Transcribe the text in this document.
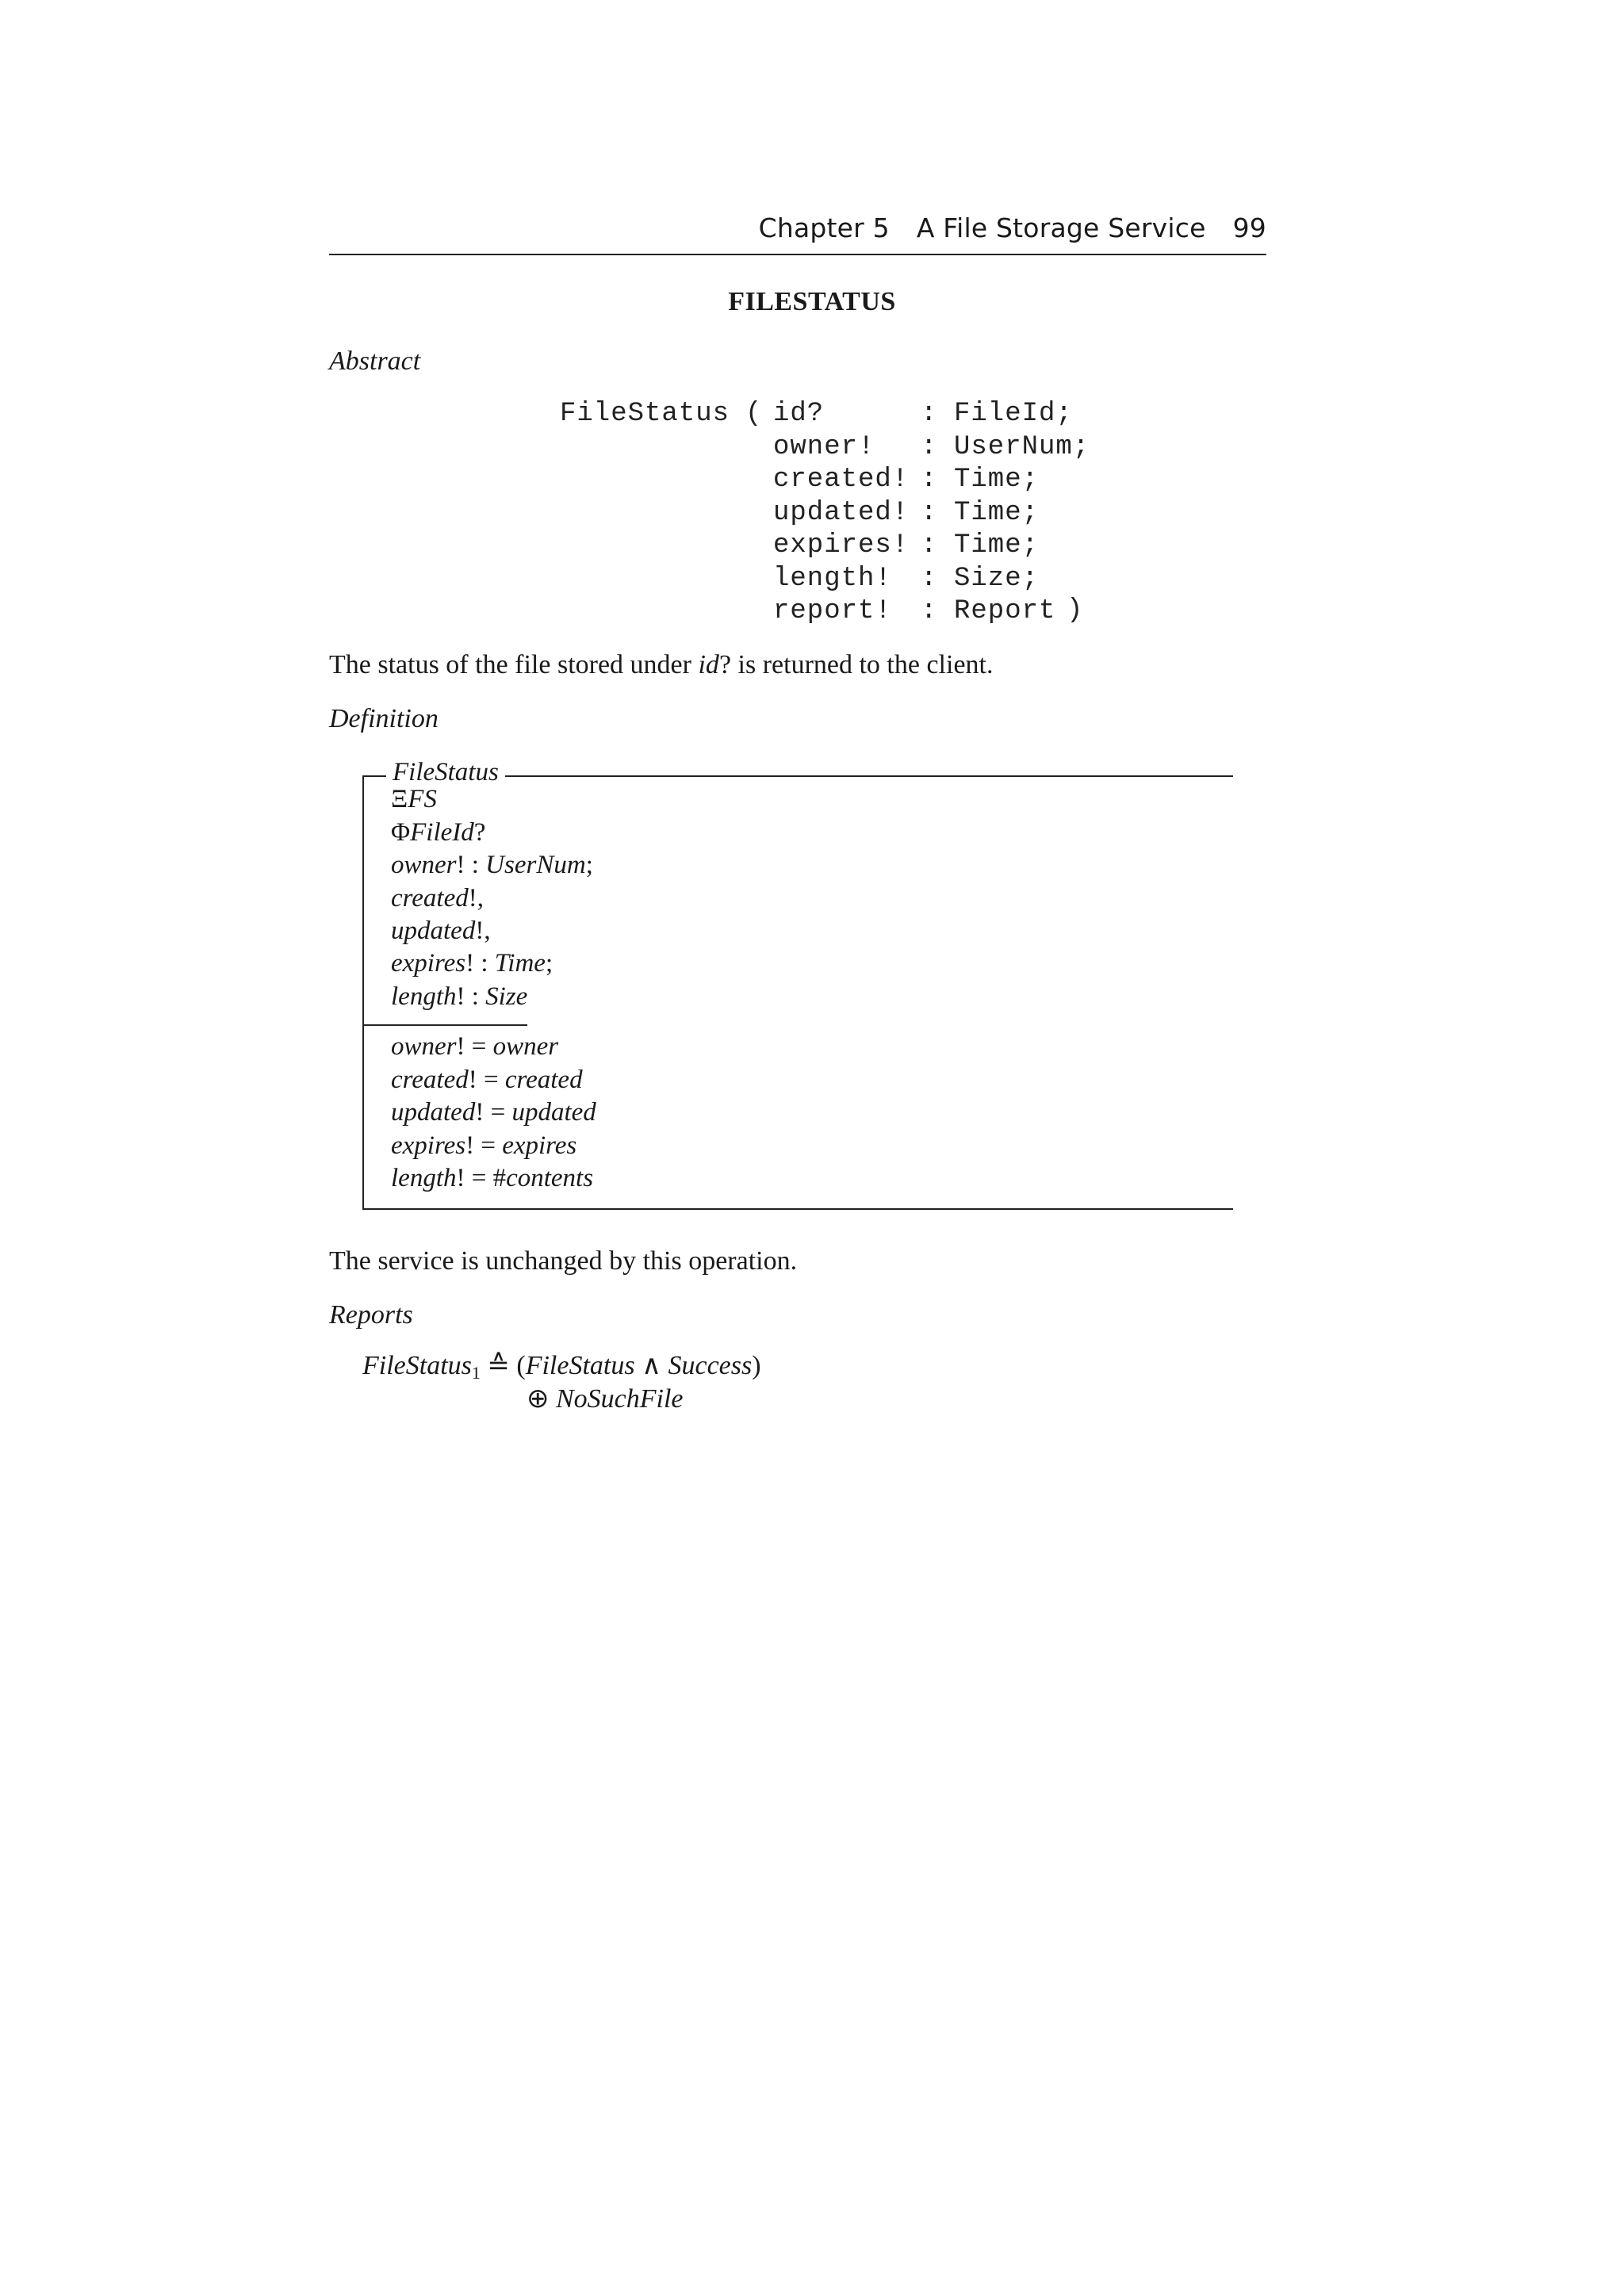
Chapter 5 A File Storage Service 99
FILESTATUS
Abstract
FileStatus ( id?	: FileId;
owner! : UserNum;
created! : Time;
updated! : Time;
expires! : Time;
length! : Size;
report! : Report )
The status of the file stored under id? is returned to the client.
Definition
FileStatus
ΞFS
ΦFileId?
owner! : UserNum;
created!,
updated!,
expires! : Time;
length! : Size
owner! = owner
created! = created
updated! = updated
expires! = expires
length! = #contents
The service is unchanged by this operation.
Reports
FileStatus$_1$ ≙ (FileStatus ∧ Success)
⊕ NoSuchFile
